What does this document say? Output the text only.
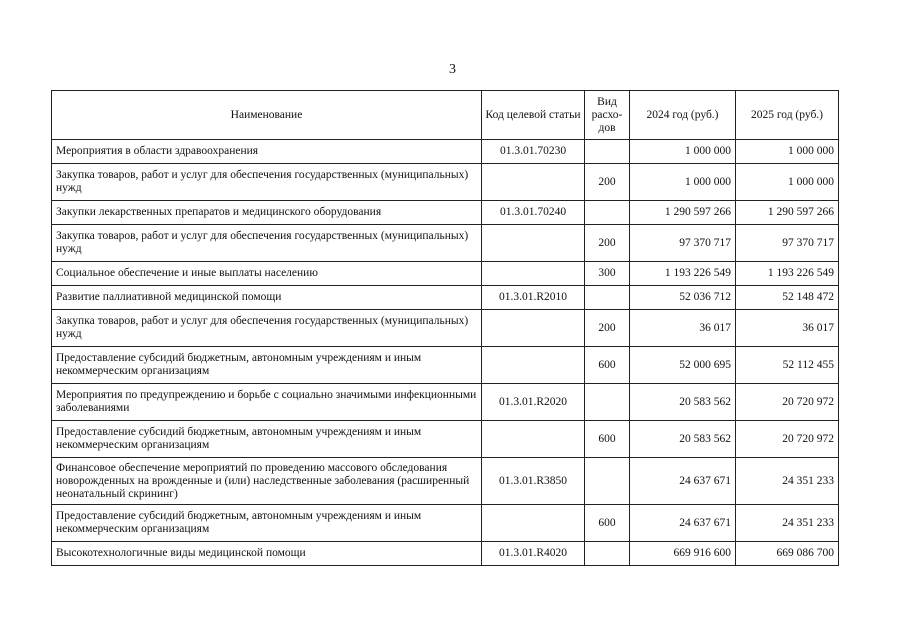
3
Наименование	Код целевой статьи	Вид расхо-дов	2024 год (руб.)	2025 год (руб.)
Мероприятия в области здравоохранения	01.3.01.70230		1 000 000	1 000 000
Закупка товаров, работ и услуг для обеспечения государственных (муниципальных) нужд		200	1 000 000	1 000 000
Закупки лекарственных препаратов и медицинского оборудования	01.3.01.70240		1 290 597 266	1 290 597 266
Закупка товаров, работ и услуг для обеспечения государственных (муниципальных) нужд		200	97 370 717	97 370 717
Социальное обеспечение и иные выплаты населению		300	1 193 226 549	1 193 226 549
Развитие паллиативной медицинской помощи	01.3.01.R2010		52 036 712	52 148 472
Закупка товаров, работ и услуг для обеспечения государственных (муниципальных) нужд		200	36 017	36 017
Предоставление субсидий бюджетным, автономным учреждениям и иным некоммерческим организациям		600	52 000 695	52 112 455
Мероприятия по предупреждению и борьбе с социально значимыми инфекционными заболеваниями	01.3.01.R2020		20 583 562	20 720 972
Предоставление субсидий бюджетным, автономным учреждениям и иным некоммерческим организациям		600	20 583 562	20 720 972
Финансовое обеспечение мероприятий по проведению массового обследования новорожденных на врожденные и (или) наследственные заболевания (расширенный неонатальный скрининг)	01.3.01.R3850		24 637 671	24 351 233
Предоставление субсидий бюджетным, автономным учреждениям и иным некоммерческим организациям		600	24 637 671	24 351 233
Высокотехнологичные виды медицинской помощи	01.3.01.R4020		669 916 600	669 086 700
